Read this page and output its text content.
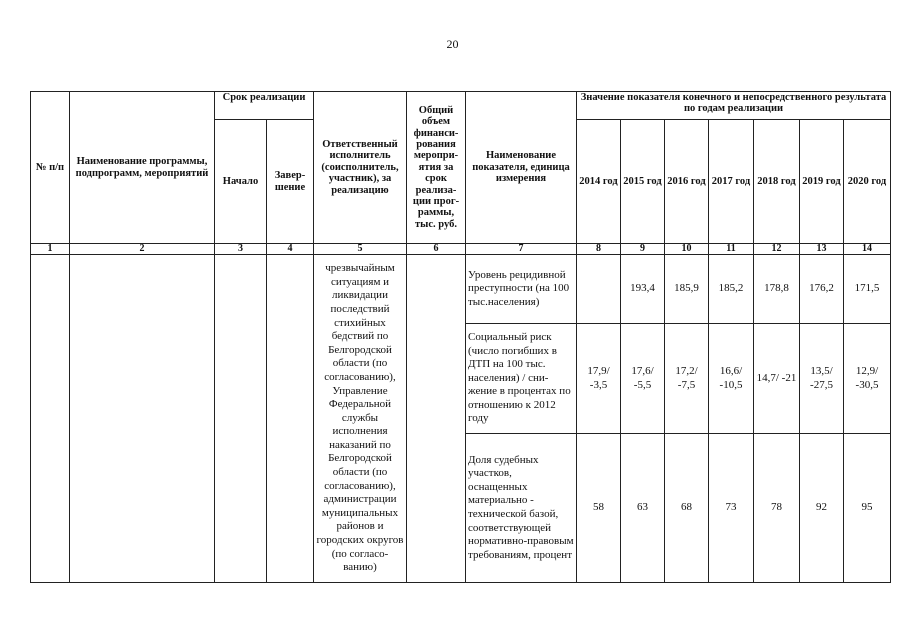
20
№ п/п	Наименование программы, подпрограмм, мероприятий	Срок реализации		Ответственный исполнитель (соисполнитель, участник), за реализацию	Общий объем финанси-рования меропри-ятия за срок реализа-ции прог-раммы, тыс. руб.	Наименование показателя, единица измерения	Значение показателя конечного и непосредственного результата по годам реализации						
		Начало	Завер-шение				2014 год	2015 год	2016 год	2017 год	2018 год	2019 год	2020 год
1	2	3	4	5	6	7	8	9	10	11	12	13	14
				чрезвычайным ситуациям и ликвидации последствий стихийных бедствий по Белгородской области (по согласованию), Управление Федеральной службы исполнения наказаний по Белгородской области (по согласованию), администрации муниципальных районов и городских округов (по согласо-ванию)		Уровень рецидивной преступности (на 100 тыс.населения)		193,4	185,9	185,2	178,8	176,2	171,5
						Социальный риск (число погибших в ДТП на 100 тыс. населения) / сни-жение в процентах по отношению к 2012 году	17,9/ -3,5	17,6/ -5,5	17,2/ -7,5	16,6/ -10,5	14,7/ -21	13,5/ -27,5	12,9/ -30,5
						Доля судебных участков, оснащенных материально - технической базой, соответствующей нормативно-правовым требованиям, процент	58	63	68	73	78	92	95
